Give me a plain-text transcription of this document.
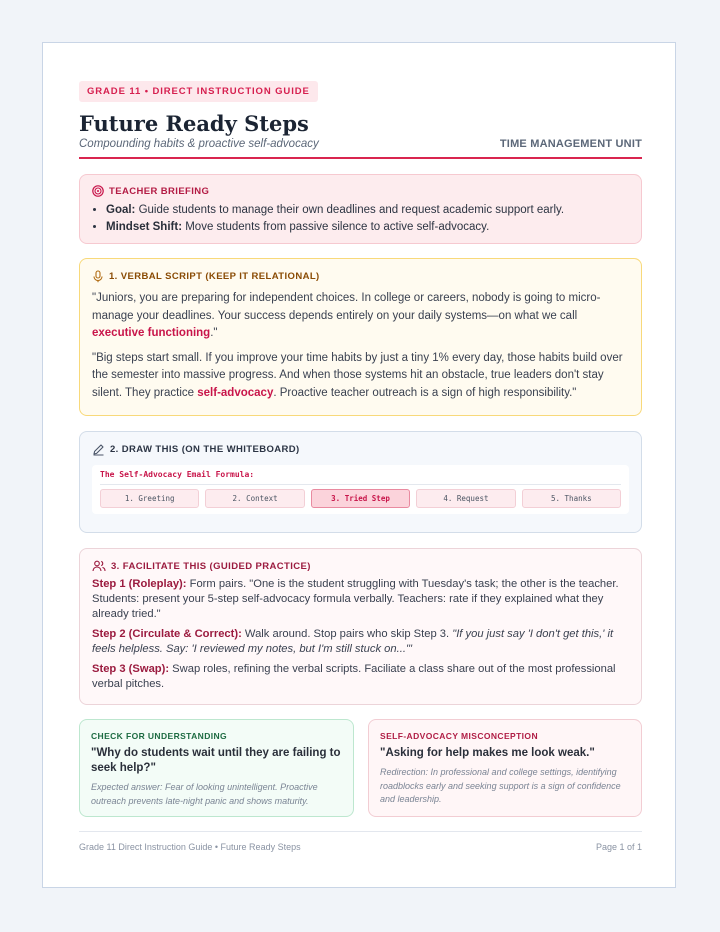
GRADE 11 • DIRECT INSTRUCTION GUIDE
Future Ready Steps
Compounding habits & proactive self-advocacy	TIME MANAGEMENT UNIT
TEACHER BRIEFING
• Goal: Guide students to manage their own deadlines and request academic support early.
• Mindset Shift: Move students from passive silence to active self-advocacy.
1. VERBAL SCRIPT (KEEP IT RELATIONAL)

"Juniors, you are preparing for independent choices. In college or careers, nobody is going to micro-manage your deadlines. Your success depends entirely on your daily systems—on what we call executive functioning."

"Big steps start small. If you improve your time habits by just a tiny 1% every day, those habits build over the semester into massive progress. And when those systems hit an obstacle, true leaders don't stay silent. They practice self-advocacy. Proactive teacher outreach is a sign of high responsibility."

2. DRAW THIS (ON THE WHITEBOARD)
The Self-Advocacy Email Formula:
1. Greeting	2. Context	3. Tried Step	4. Request	5. Thanks
3. FACILITATE THIS (GUIDED PRACTICE)

Step 1 (Roleplay): Form pairs. "One is the student struggling with Tuesday's task; the other is the teacher. Students: present your 5-step self-advocacy formula verbally. Teachers: rate if they explained what they already tried."

Step 2 (Circulate & Correct): Walk around. Stop pairs who skip Step 3. "If you just say 'I don't get this,' it feels helpless. Say: 'I reviewed my notes, but I'm still stuck on...'"

Step 3 (Swap): Swap roles, refining the verbal scripts. Faciliate a class share out of the most professional verbal pitches.

CHECK FOR UNDERSTANDING
"Why do students wait until they are failing to seek help?"
Expected answer: Fear of looking unintelligent. Proactive outreach prevents late-night panic and shows maturity.
SELF-ADVOCACY MISCONCEPTION
"Asking for help makes me look weak."
Redirection: In professional and college settings, identifying roadblocks early and seeking support is a sign of confidence and leadership.
Grade 11 Direct Instruction Guide • Future Ready Steps	Page 1 of 1
